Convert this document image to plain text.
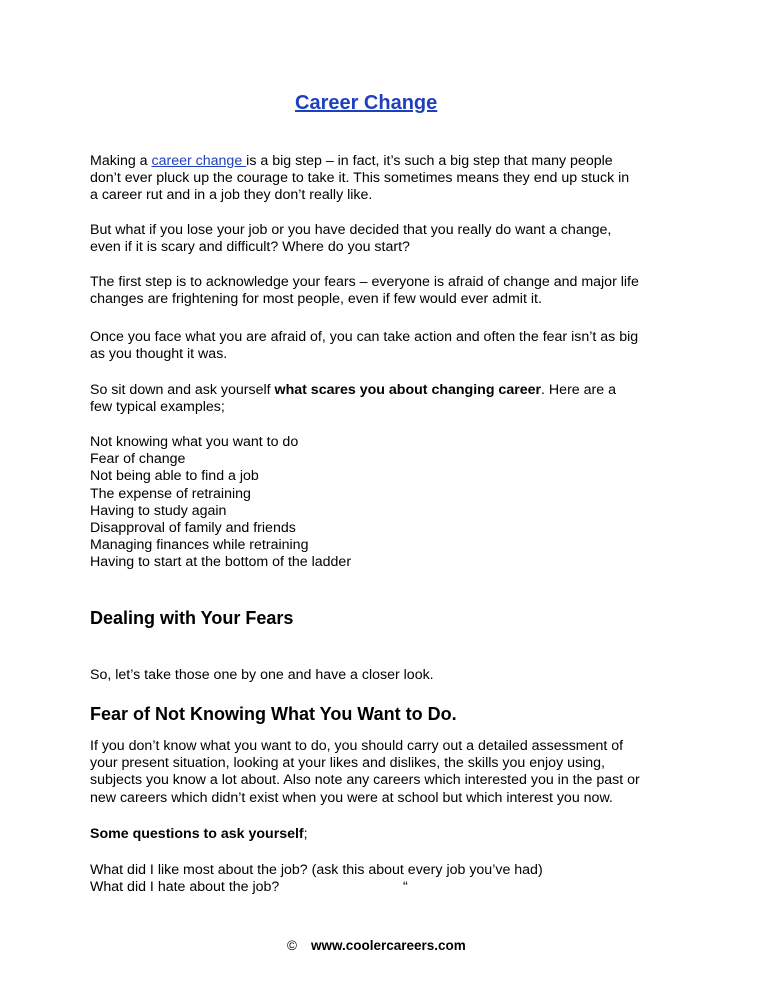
Career Change
Making a career change is a big step – in fact, it’s such a big step that many people
don’t ever pluck up the courage to take it. This sometimes means they end up stuck in
a career rut and in a job they don’t really like.
But what if you lose your job or you have decided that you really do want a change,
even if it is scary and difficult? Where do you start?
The first step is to acknowledge your fears – everyone is afraid of change and major life
changes are frightening for most people, even if few would ever admit it.
Once you face what you are afraid of, you can take action and often the fear isn’t as big
as you thought it was.
So sit down and ask yourself what scares you about changing career. Here are a
few typical examples;
Not knowing what you want to do
Fear of change
Not being able to find a job
The expense of retraining
Having to study again
Disapproval of family and friends
Managing finances while retraining
Having to start at the bottom of the ladder
Dealing with Your Fears
So, let’s take those one by one and have a closer look.
Fear of Not Knowing What You Want to Do.
If you don’t know what you want to do, you should carry out a detailed assessment of
your present situation, looking at your likes and dislikes, the skills you enjoy using,
subjects you know a lot about. Also note any careers which interested you in the past or
new careers which didn’t exist when you were at school but which interest you now.
Some questions to ask yourself;
What did I like most about the job? (ask this about every job you’ve had)
What did I hate about the job?	“
© www.coolercareers.com
